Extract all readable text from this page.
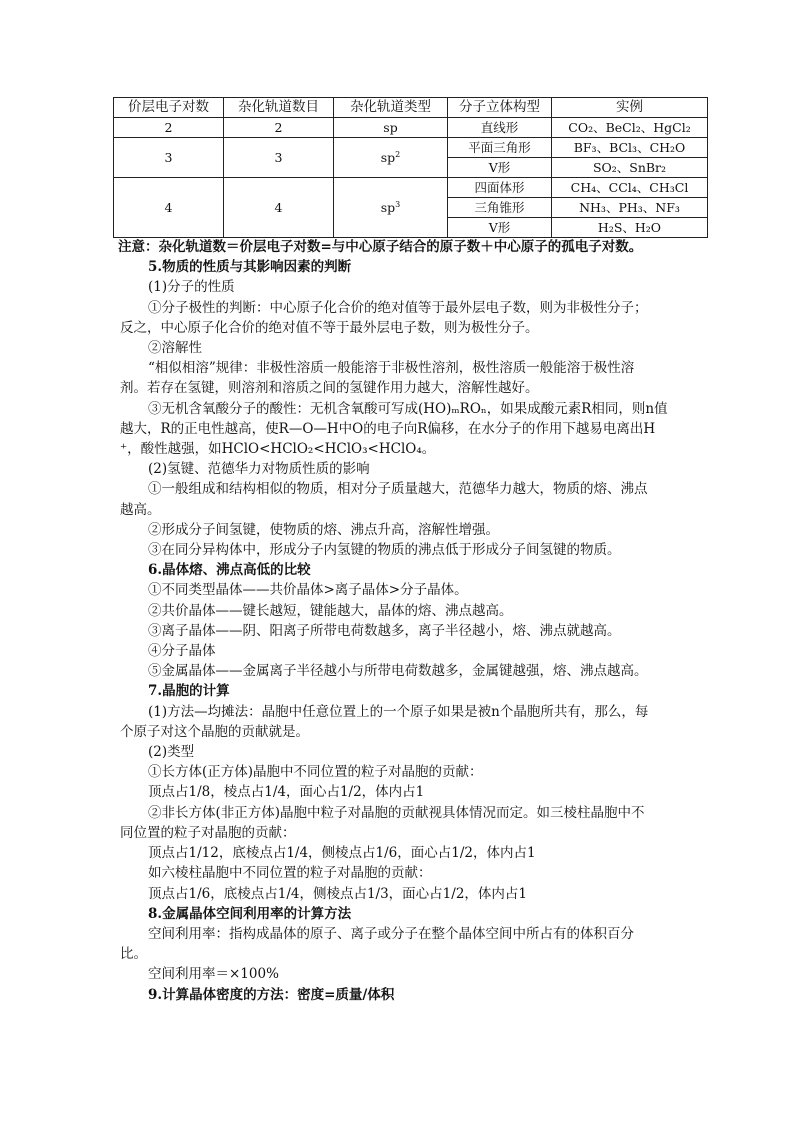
价层电子对数	杂化轨道数目	杂化轨道类型	分子立体构型	实例
2	2	sp	直线形	CO₂、BeCl₂、HgCl₂
3	3	$sp^2$	平面三角形	BF₃、BCl₃、CH₂O
			V形	SO₂、SnBr₂
4	4	$sp^3$	四面体形	CH₄、CCl₄、CH₃Cl
			三角锥形	NH₃、PH₃、NF₃
			V形	H₂S、H₂O

注意：杂化轨道数＝价层电子对数=与中心原子结合的原子数＋中心原子的孤电子对数。

5.物质的性质与其影响因素的判断

(1)分子的性质

①分子极性的判断：中心原子化合价的绝对值等于最外层电子数，则为非极性分子；

反之，中心原子化合价的绝对值不等于最外层电子数，则为极性分子。

②溶解性

“相似相溶”规律：非极性溶质一般能溶于非极性溶剂，极性溶质一般能溶于极性溶

剂。若存在氢键，则溶剂和溶质之间的氢键作用力越大，溶解性越好。

③无机含氧酸分子的酸性：无机含氧酸可写成(HO)ₘROₙ，如果成酸元素R相同，则n值

越大，R的正电性越高，使R—O—H中O的电子向R偏移，在水分子的作用下越易电离出H

⁺，酸性越强，如HClO<HClO₂<HClO₃<HClO₄。

(2)氢键、范德华力对物质性质的影响

①一般组成和结构相似的物质，相对分子质量越大，范德华力越大，物质的熔、沸点

越高。

②形成分子间氢键，使物质的熔、沸点升高，溶解性增强。

③在同分异构体中，形成分子内氢键的物质的沸点低于形成分子间氢键的物质。

6.晶体熔、沸点高低的比较

①不同类型晶体——共价晶体>离子晶体>分子晶体。

②共价晶体——键长越短，键能越大，晶体的熔、沸点越高。

③离子晶体——阴、阳离子所带电荷数越多，离子半径越小，熔、沸点就越高。

④分子晶体

⑤金属晶体——金属离子半径越小与所带电荷数越多，金属键越强，熔、沸点越高。

7.晶胞的计算

(1)方法—均摊法：晶胞中任意位置上的一个原子如果是被n个晶胞所共有，那么，每

个原子对这个晶胞的贡献就是。

(2)类型

①长方体(正方体)晶胞中不同位置的粒子对晶胞的贡献：

顶点占1/8，棱点占1/4，面心占1/2，体内占1

②非长方体(非正方体)晶胞中粒子对晶胞的贡献视具体情况而定。如三棱柱晶胞中不

同位置的粒子对晶胞的贡献：

顶点占1/12，底棱点占1/4，侧棱点占1/6，面心占1/2，体内占1

如六棱柱晶胞中不同位置的粒子对晶胞的贡献：

顶点占1/6，底棱点占1/4，侧棱点占1/3，面心占1/2，体内占1

8.金属晶体空间利用率的计算方法

空间利用率：指构成晶体的原子、离子或分子在整个晶体空间中所占有的体积百分

比。

空间利用率＝×100%

9.计算晶体密度的方法：密度=质量/体积
